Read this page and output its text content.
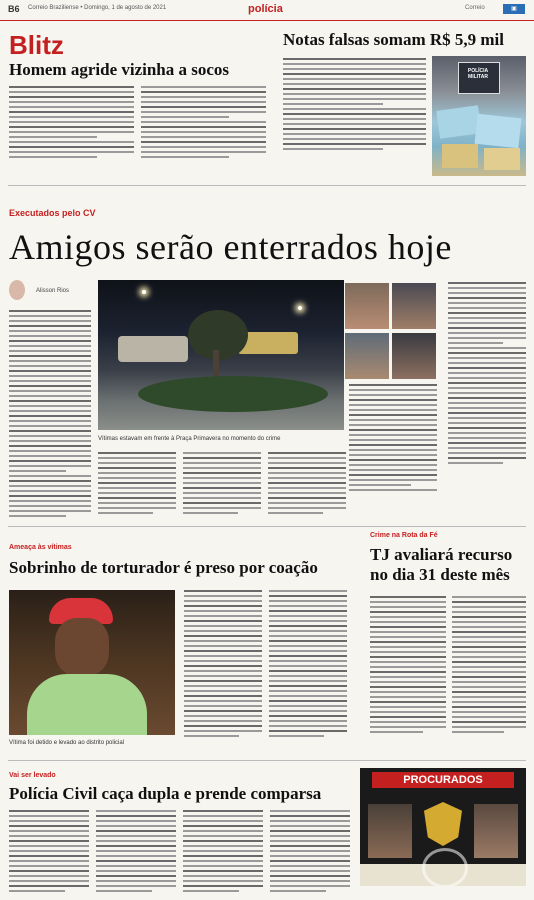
B6 Correio Braziliense • Domingo, 1 de agosto de 2021	polícia	Correio	▣
Blitz
Homem agride vizinha a socos
Notas falsas somam R$ 5,9 mil
POLÍCIA MILITAR
Executados pelo CV
Amigos serão enterrados hoje
Alisson Rios
Vítimas estavam em frente à Praça Primavera no momento do crime
Ameaça às vítimas
Sobrinho de torturador é preso por coação
Vítima foi detido e levado ao distrito policial
Crime na Rota da Fé
TJ avaliará recurso no dia 31 deste mês
Vai ser levado
Polícia Civil caça dupla e prende comparsa
PROCURADOS
